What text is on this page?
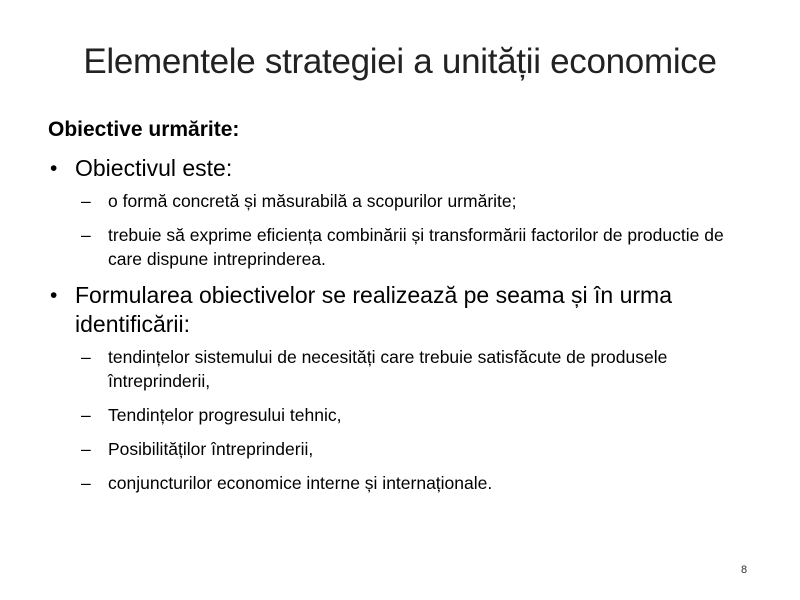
Elementele strategiei a unității economice
Obiective urmărite:
• Obiectivul este:
– o formă concretă și măsurabilă a scopurilor urmărite;
– trebuie să exprime eficiența combinării și transformării factorilor de productie de care dispune intreprinderea.
• Formularea obiectivelor se realizează pe seama și în urma identificării:
– tendințelor sistemului de necesități care trebuie satisfăcute de produsele întreprinderii,
– Tendințelor progresului tehnic,
– Posibilităților întreprinderii,
– conjuncturilor economice interne și internaționale.
8
